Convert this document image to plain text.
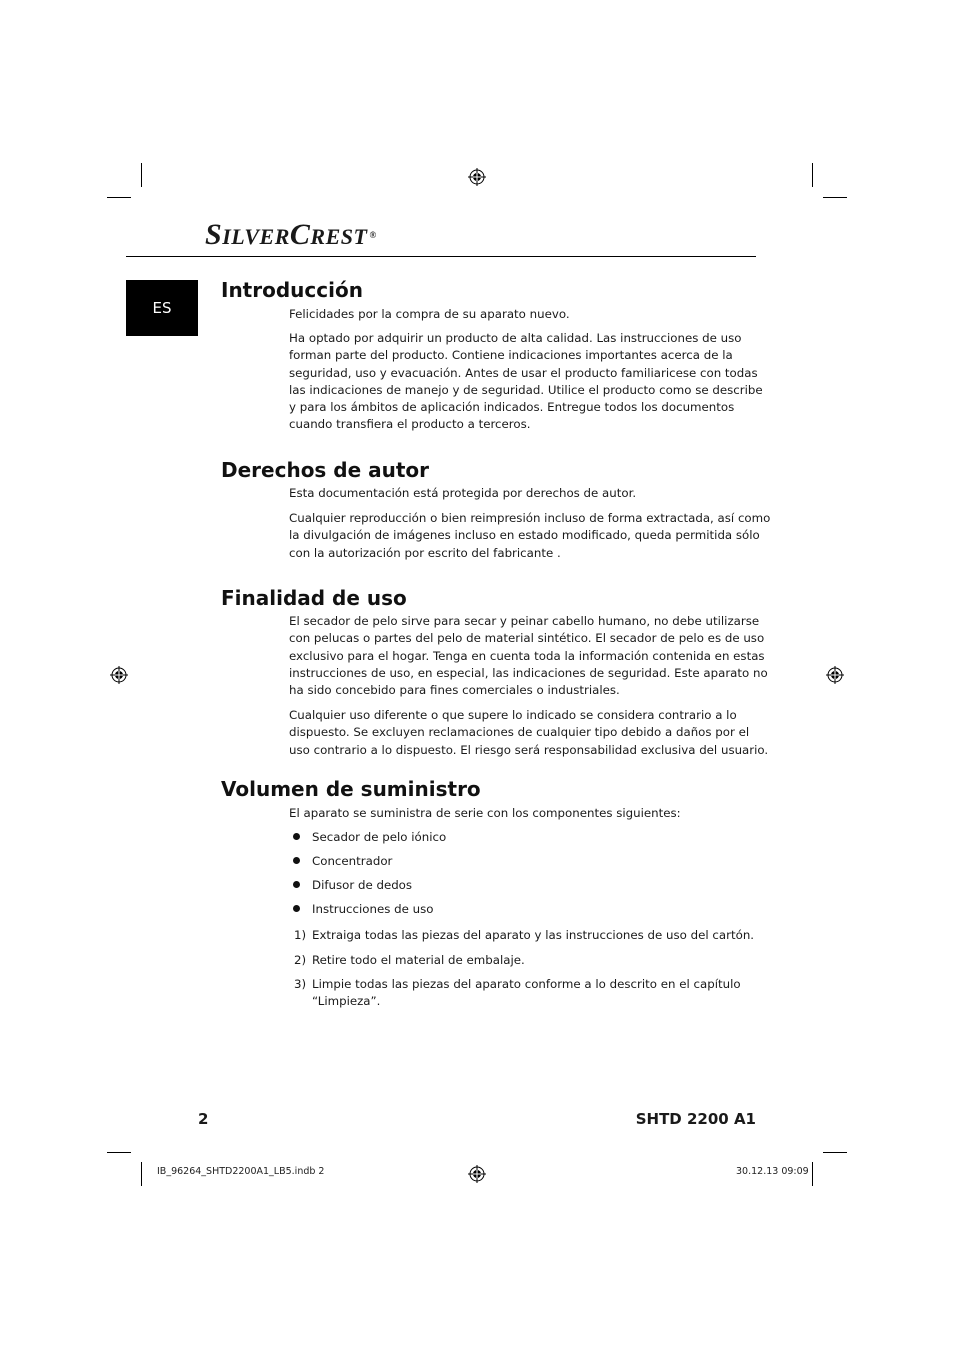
SILVERCREST ®
ES
Introducción
Felicidades por la compra de su aparato nuevo.
Ha optado por adquirir un producto de alta calidad. Las instrucciones de uso
forman parte del producto. Contiene indicaciones importantes acerca de la
seguridad, uso y evacuación. Antes de usar el producto familiaricese con todas
las indicaciones de manejo y de seguridad. Utilice el producto como se describe
y para los ámbitos de aplicación indicados. Entregue todos los documentos
cuando transfiera el producto a terceros.
Derechos de autor
Esta documentación está protegida por derechos de autor.
Cualquier reproducción o bien reimpresión incluso de forma extractada, así como
la divulgación de imágenes incluso en estado modificado, queda permitida sólo
con la autorización por escrito del fabricante .
Finalidad de uso
El secador de pelo sirve para secar y peinar cabello humano, no debe utilizarse
con pelucas o partes del pelo de material sintético. El secador de pelo es de uso
exclusivo para el hogar. Tenga en cuenta toda la información contenida en estas
instrucciones de uso, en especial, las indicaciones de seguridad. Este aparato no
ha sido concebido para fines comerciales o industriales.
Cualquier uso diferente o que supere lo indicado se considera contrario a lo
dispuesto. Se excluyen reclamaciones de cualquier tipo debido a daños por el
uso contrario a lo dispuesto. El riesgo será responsabilidad exclusiva del usuario.
Volumen de suministro
El aparato se suministra de serie con los componentes siguientes:
Secador de pelo iónico
Concentrador
Difusor de dedos
Instrucciones de uso
1) Extraiga todas las piezas del aparato y las instrucciones de uso del cartón.
2) Retire todo el material de embalaje.
3) Limpie todas las piezas del aparato conforme a lo descrito en el capítulo
“Limpieza”.
2	SHTD 2200 A1
IB_96264_SHTD2200A1_LB5.indb 2	30.12.13 09:09
